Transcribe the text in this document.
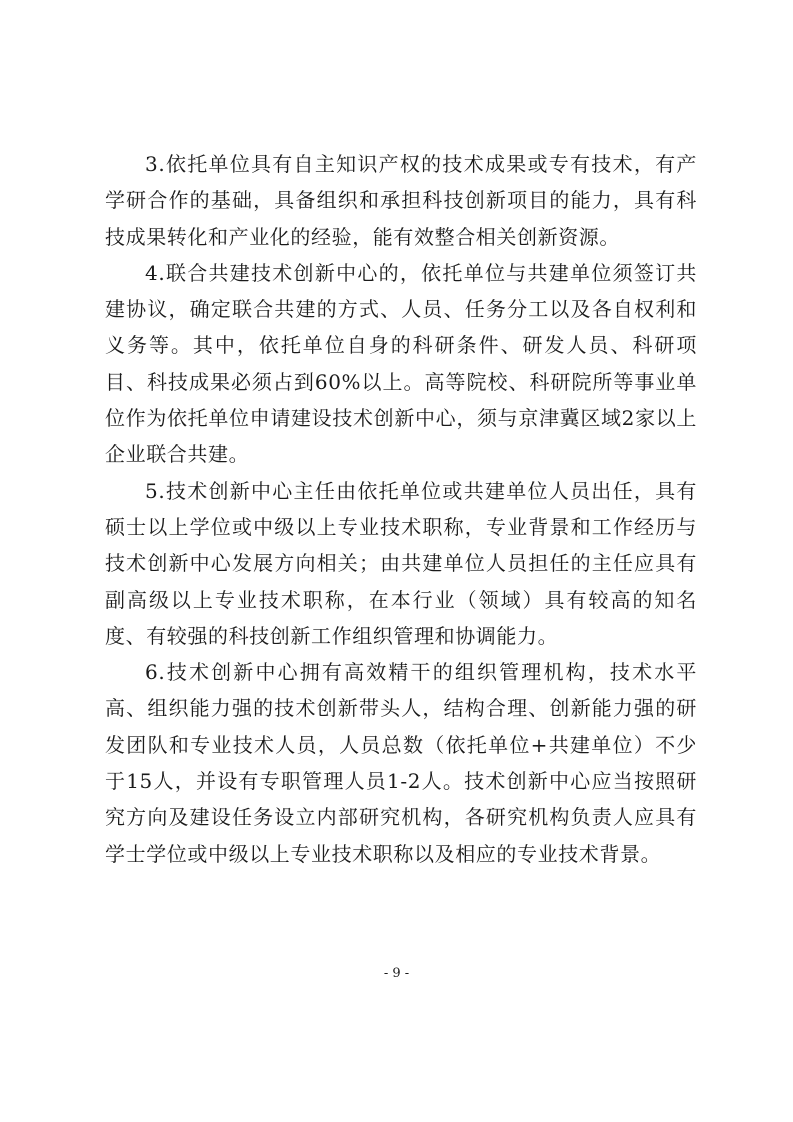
3.依托单位具有自主知识产权的技术成果或专有技术，有产学研合作的基础，具备组织和承担科技创新项目的能力，具有科技成果转化和产业化的经验，能有效整合相关创新资源。

4.联合共建技术创新中心的，依托单位与共建单位须签订共建协议，确定联合共建的方式、人员、任务分工以及各自权利和义务等。其中，依托单位自身的科研条件、研发人员、科研项目、科技成果必须占到60%以上。高等院校、科研院所等事业单位作为依托单位申请建设技术创新中心，须与京津冀区域2家以上企业联合共建。

5.技术创新中心主任由依托单位或共建单位人员出任，具有硕士以上学位或中级以上专业技术职称，专业背景和工作经历与技术创新中心发展方向相关；由共建单位人员担任的主任应具有副高级以上专业技术职称，在本行业（领域）具有较高的知名度、有较强的科技创新工作组织管理和协调能力。

6.技术创新中心拥有高效精干的组织管理机构，技术水平高、组织能力强的技术创新带头人，结构合理、创新能力强的研发团队和专业技术人员，人员总数（依托单位+共建单位）不少于15人，并设有专职管理人员1-2人。技术创新中心应当按照研究方向及建设任务设立内部研究机构，各研究机构负责人应具有学士学位或中级以上专业技术职称以及相应的专业技术背景。

- 9 -
